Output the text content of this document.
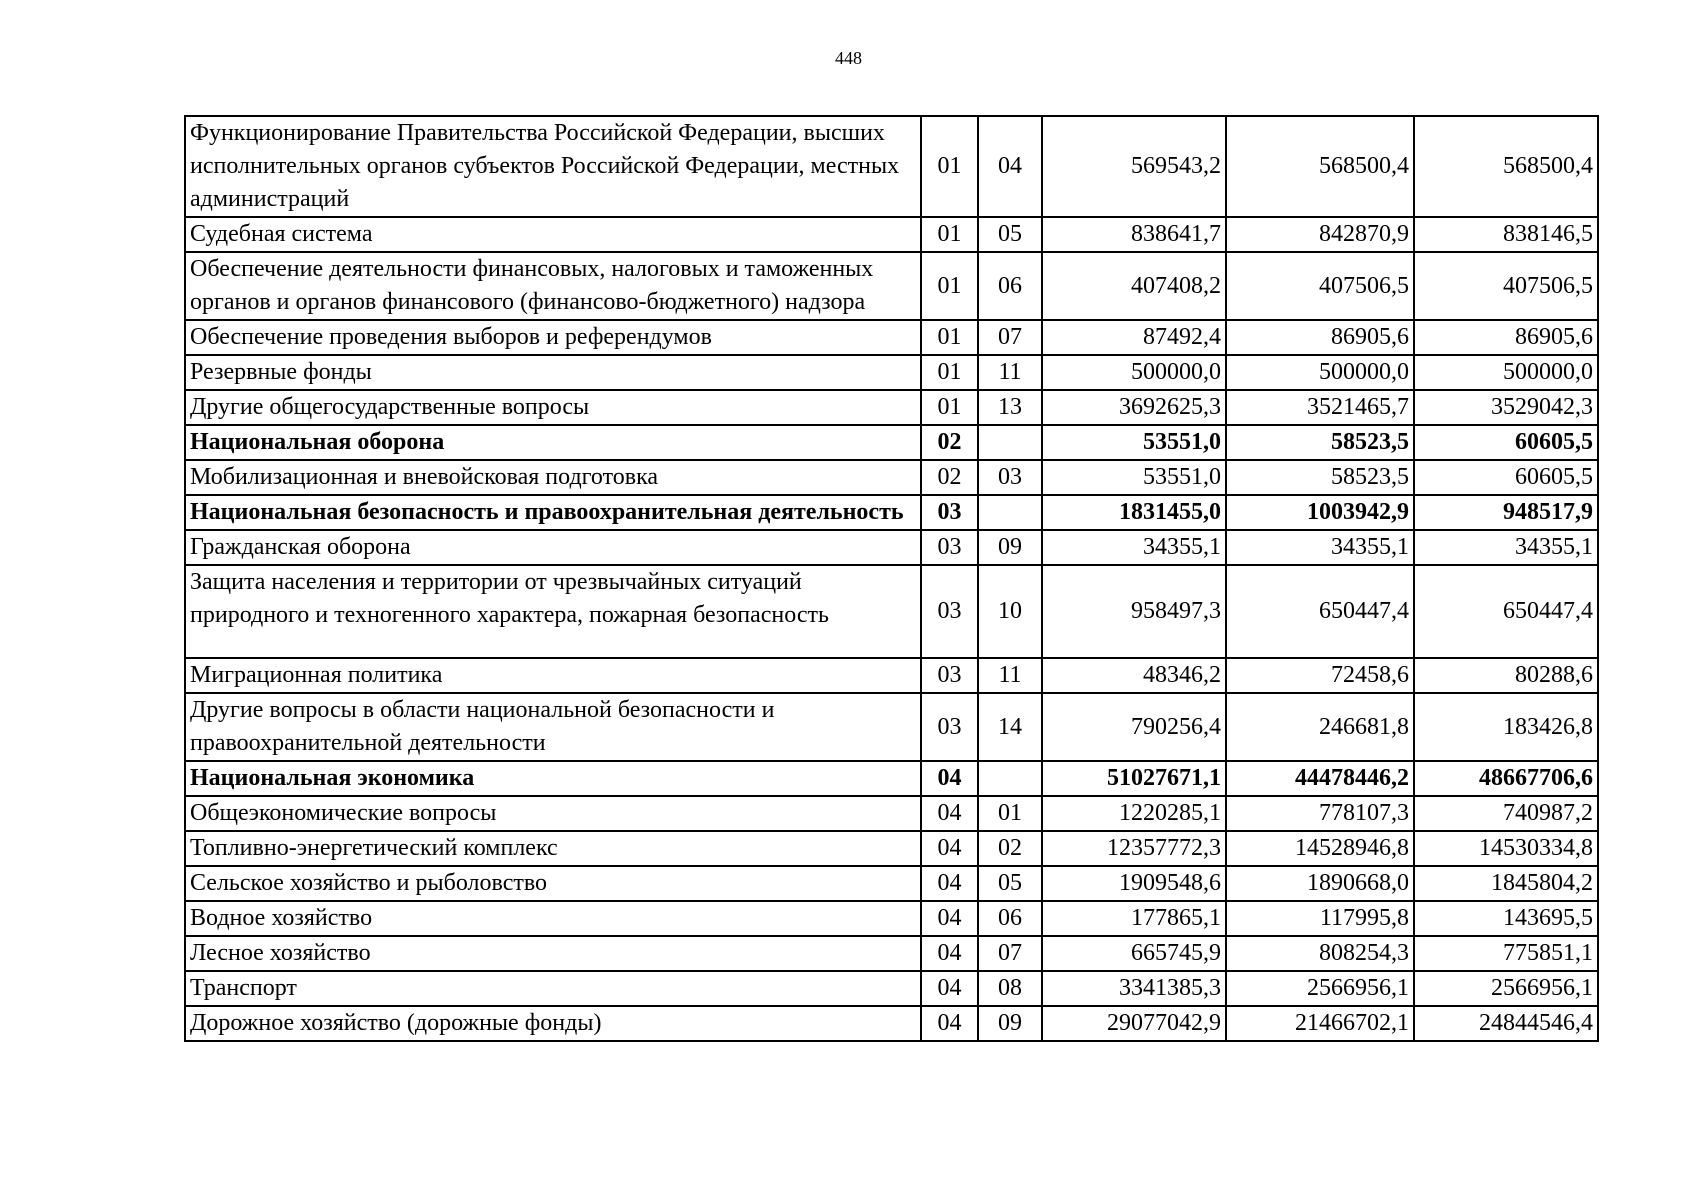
448
Функционирование Правительства Российской Федерации, высших исполнительных органов субъектов Российской Федерации, местных администраций	01	04	569543,2	568500,4	568500,4
Судебная система	01	05	838641,7	842870,9	838146,5
Обеспечение деятельности финансовых, налоговых и таможенных органов и органов финансового (финансово-бюджетного) надзора	01	06	407408,2	407506,5	407506,5
Обеспечение проведения выборов и референдумов	01	07	87492,4	86905,6	86905,6
Резервные фонды	01	11	500000,0	500000,0	500000,0
Другие общегосударственные вопросы	01	13	3692625,3	3521465,7	3529042,3
Национальная оборона	02		53551,0	58523,5	60605,5
Мобилизационная и вневойсковая подготовка	02	03	53551,0	58523,5	60605,5
Национальная безопасность и правоохранительная деятельность	03		1831455,0	1003942,9	948517,9
Гражданская оборона	03	09	34355,1	34355,1	34355,1
Защита населения и территории от чрезвычайных ситуаций природного и техногенного характера, пожарная безопасность	03	10	958497,3	650447,4	650447,4
Миграционная политика	03	11	48346,2	72458,6	80288,6
Другие вопросы в области национальной безопасности и правоохранительной деятельности	03	14	790256,4	246681,8	183426,8
Национальная экономика	04		51027671,1	44478446,2	48667706,6
Общеэкономические вопросы	04	01	1220285,1	778107,3	740987,2
Топливно-энергетический комплекс	04	02	12357772,3	14528946,8	14530334,8
Сельское хозяйство и рыболовство	04	05	1909548,6	1890668,0	1845804,2
Водное хозяйство	04	06	177865,1	117995,8	143695,5
Лесное хозяйство	04	07	665745,9	808254,3	775851,1
Транспорт	04	08	3341385,3	2566956,1	2566956,1
Дорожное хозяйство (дорожные фонды)	04	09	29077042,9	21466702,1	24844546,4
